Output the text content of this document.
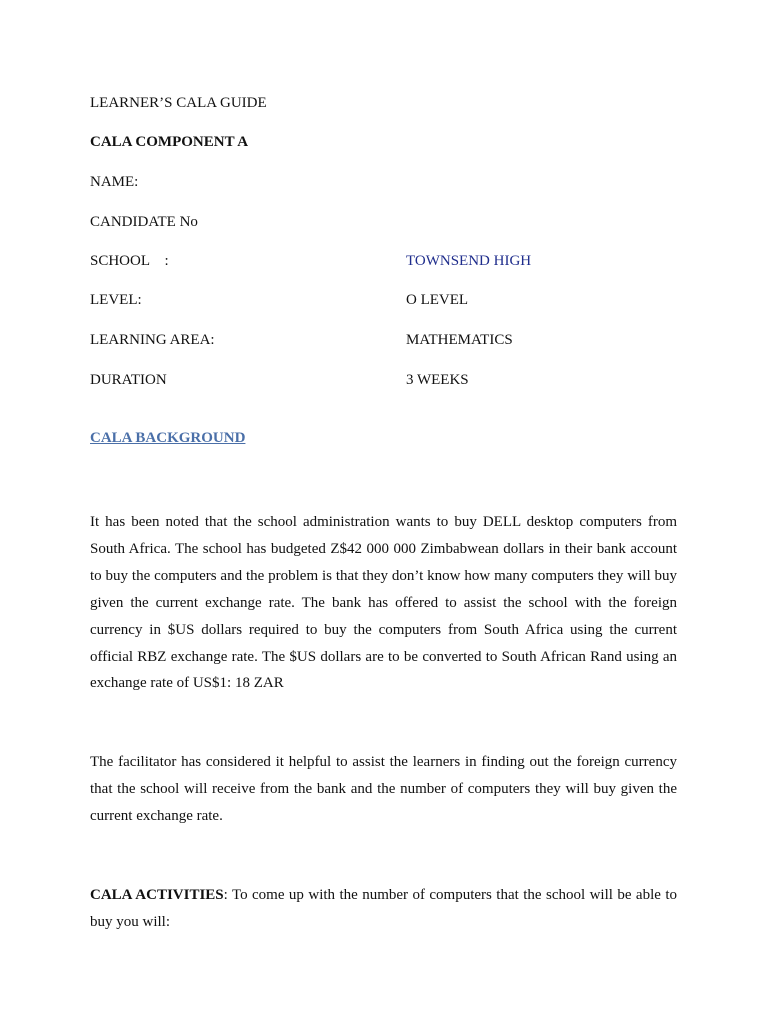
LEARNER’S CALA GUIDE
CALA COMPONENT A
NAME:
CANDIDATE No
SCHOOL    :	TOWNSEND HIGH
LEVEL:	O LEVEL
LEARNING AREA:	MATHEMATICS
DURATION	3 WEEKS
CALA BACKGROUND
It has been noted that the school administration wants to buy DELL desktop computers from South Africa. The school has budgeted Z$42 000 000 Zimbabwean dollars in their bank account to buy the computers and the problem is that they don’t know how many computers they will buy given the current exchange rate. The bank has offered to assist the school with the foreign currency in $US dollars required to buy the computers from South Africa using the current official RBZ exchange rate. The $US dollars are to be converted to South African Rand using an exchange rate of US$1: 18 ZAR
The facilitator has considered it helpful to assist the learners in finding out the foreign currency that the school will receive from the bank and the number of computers they will buy given the current exchange rate.
CALA ACTIVITIES: To come up with the number of computers that the school will be able to buy you will:
